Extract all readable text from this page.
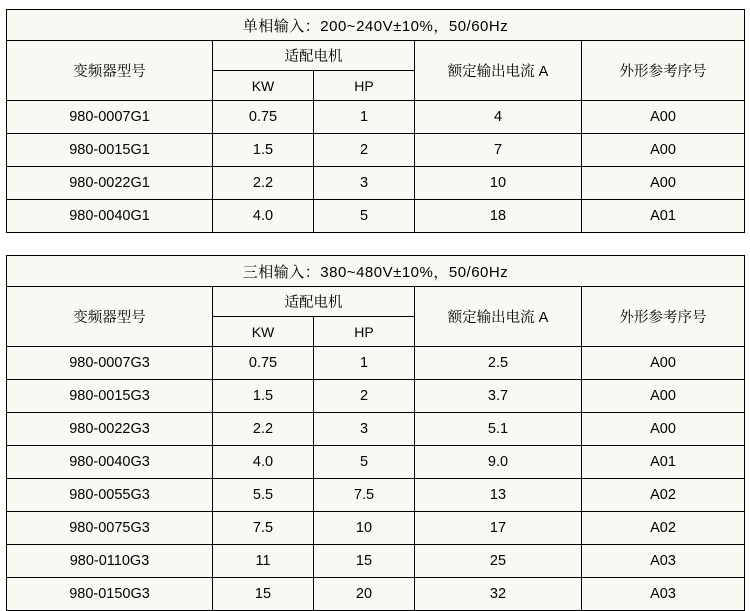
单相输入：200~240V±10%，50/60Hz				
变频器型号	适配电机		额定输出电流 A	外形参考序号
	KW	HP		
980-0007G1	0.75	1	4	A00
980-0015G1	1.5	2	7	A00
980-0022G1	2.2	3	10	A00
980-0040G1	4.0	5	18	A01
三相输入：380~480V±10%，50/60Hz				
变频器型号	适配电机		额定输出电流 A	外形参考序号
	KW	HP		
980-0007G3	0.75	1	2.5	A00
980-0015G3	1.5	2	3.7	A00
980-0022G3	2.2	3	5.1	A00
980-0040G3	4.0	5	9.0	A01
980-0055G3	5.5	7.5	13	A02
980-0075G3	7.5	10	17	A02
980-0110G3	11	15	25	A03
980-0150G3	15	20	32	A03
